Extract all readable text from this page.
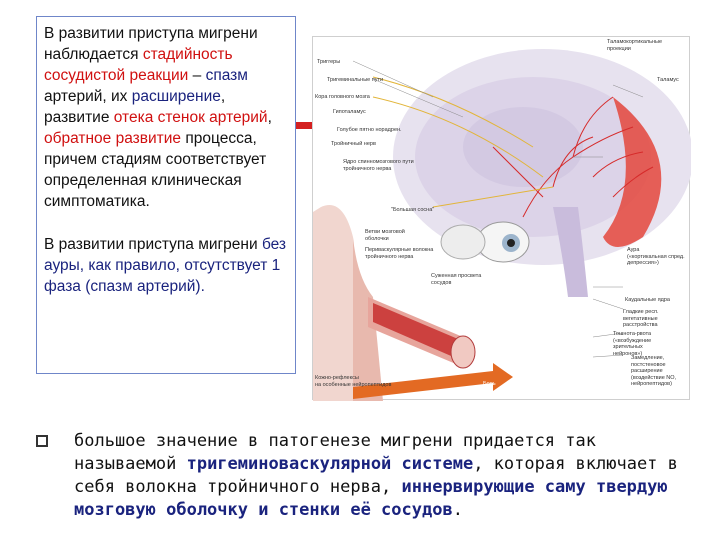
В развитии приступа мигрени наблюдается стадийность сосудистой реакции – спазм артерий, их расширение, развитие отека стенок артерий, обратное развитие процесса, причем стадиям соответствует определенная клиническая симптоматика.

В развитии приступа мигрени без ауры, как правило, отсутствует 1 фаза (спазм артерий).

Таламокортикальные
проекции
Триггеры
Таламус
Тригеминальные пути
Кора головного мозга
Гипоталамус
Голубое пятно норадрен.
Тройничный нерв
Ядро спинномозгового пути
тройничного нерва
"Большая сосна"
Ветви мозговой
оболочки
Периваскулярные волокна
тройничного нерва
Суженная просвета
сосудов
Аура
(«кортикальная спред.
депрессия»)
Каудальные ядра
Гладкие респ.
вегетативные
расстройства
Тошнота-рвота
(«возбуждение
зрительных
нейронов»)
Замедление,
постстеновое расширение
(воздействие NO,
нейропептидов)
Кожно-рефлексы
на особенные нейропептидов	Боль
большое значение в патогенезе мигрени придается так называемой тригеминоваскулярной системе, которая включает в себя волокна тройничного нерва, иннервирующие саму твердую мозговую оболочку и стенки её сосудов.
